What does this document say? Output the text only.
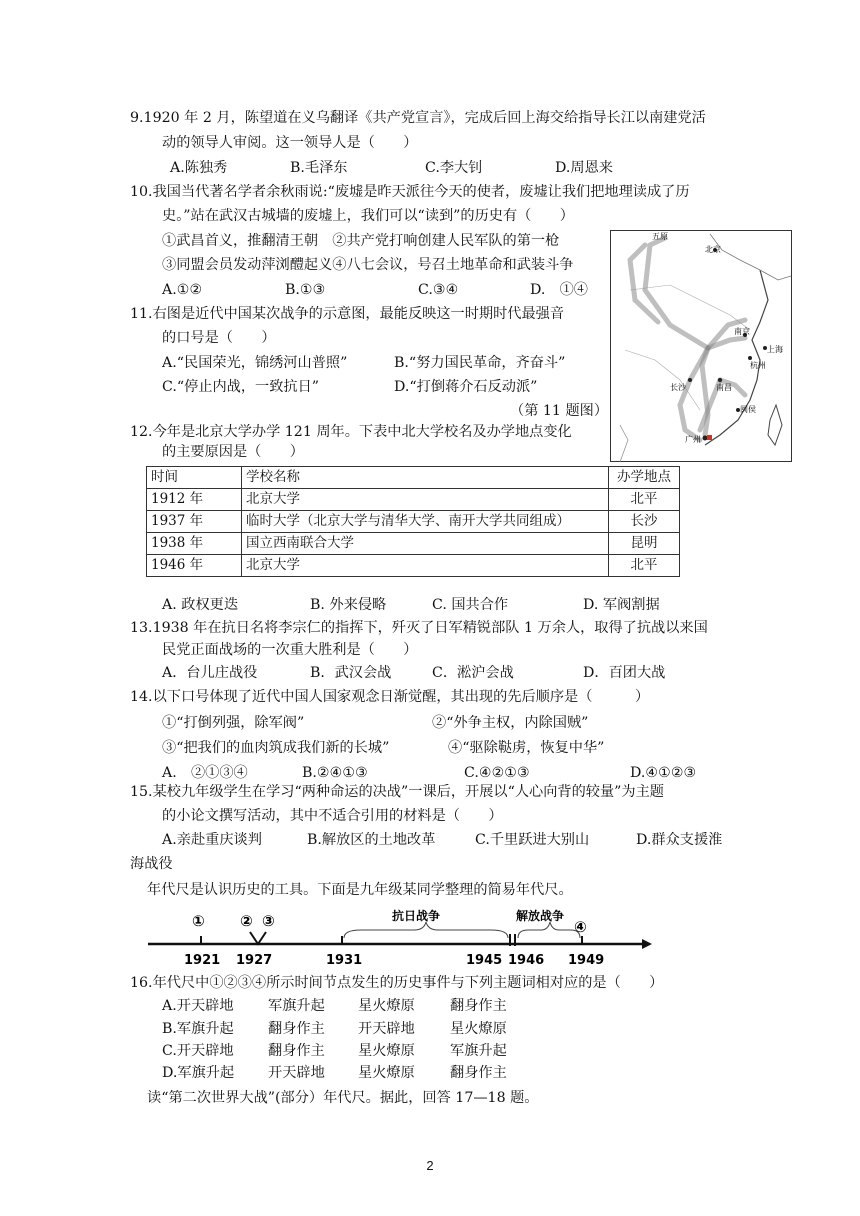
9.1920 年 2 月，陈望道在义乌翻译《共产党宣言》，完成后回上海交给指导长江以南建党活
动的领导人审阅。这一领导人是（　　）
A.陈独秀	B.毛泽东	C.李大钊	D.周恩来
10.我国当代著名学者余秋雨说:“废墟是昨天派往今天的使者，废墟让我们把地理读成了历
史。”站在武汉古城墙的废墟上，我们可以“读到”的历史有（　　）
①武昌首义，推翻清王朝　②共产党打响创建人民军队的第一枪
③同盟会员发动萍浏醴起义④八七会议，号召土地革命和武装斗争
A.①②	B.①③	C.③④	D.　①④
11.右图是近代中国某次战争的示意图，最能反映这一时期时代最强音
的口号是（　　）
A.“民国荣光，锦绣河山普照”	B.“努力国民革命，齐奋斗”
C.“停止内战，一致抗日”	D.“打倒蒋介石反动派”
（第 11 题图）
五原
北京
南京
上海
杭州
南昌
长沙
闽侯
广州
12.今年是北京大学办学 121 周年。下表中北大学校名及办学地点变化
的主要原因是（　　）
时间	学校名称	办学地点
1912 年	北京大学	北平
1937 年	临时大学（北京大学与清华大学、南开大学共同组成）	长沙
1938 年	国立西南联合大学	昆明
1946 年	北京大学	北平
A. 政权更迭	B. 外来侵略	C. 国共合作	D. 军阀割据
13.1938 年在抗日名将李宗仁的指挥下，歼灭了日军精锐部队 1 万余人，取得了抗战以来国
民党正面战场的一次重大胜利是（　　）
A．台儿庄战役	B．武汉会战	C．淞沪会战	D．百团大战
14.以下口号体现了近代中国人国家观念日渐觉醒，其出现的先后顺序是（　　　）
①“打倒列强，除军阀”	②“外争主权，内除国贼”
③“把我们的血肉筑成我们新的长城”	④“驱除鞑虏，恢复中华”
A.　②①③④	B.②④①③	C.④②①③	D.④①②③
15.某校九年级学生在学习“两种命运的决战”一课后，开展以“人心向背的较量”为主题
的小论文撰写活动，其中不适合引用的材料是（　　）
A.亲赴重庆谈判	B.解放区的土地改革	C.千里跃进大别山	D.群众支援淮
海战役
年代尺是认识历史的工具。下面是九年级某同学整理的简易年代尺。
① ② ③	④
抗日战争	解放战争
1921 1927	1931	1945 1946 1949
16.年代尺中①②③④所示时间节点发生的历史事件与下列主题词相对应的是（　　）
A.开天辟地 军旗升起 星火燎原 翻身作主
B.军旗升起 翻身作主 开天辟地 星火燎原
C.开天辟地 翻身作主 星火燎原 军旗升起
D.军旗升起 开天辟地 星火燎原 翻身作主
读“第二次世界大战”(部分）年代尺。据此，回答 17—18 题。
2
